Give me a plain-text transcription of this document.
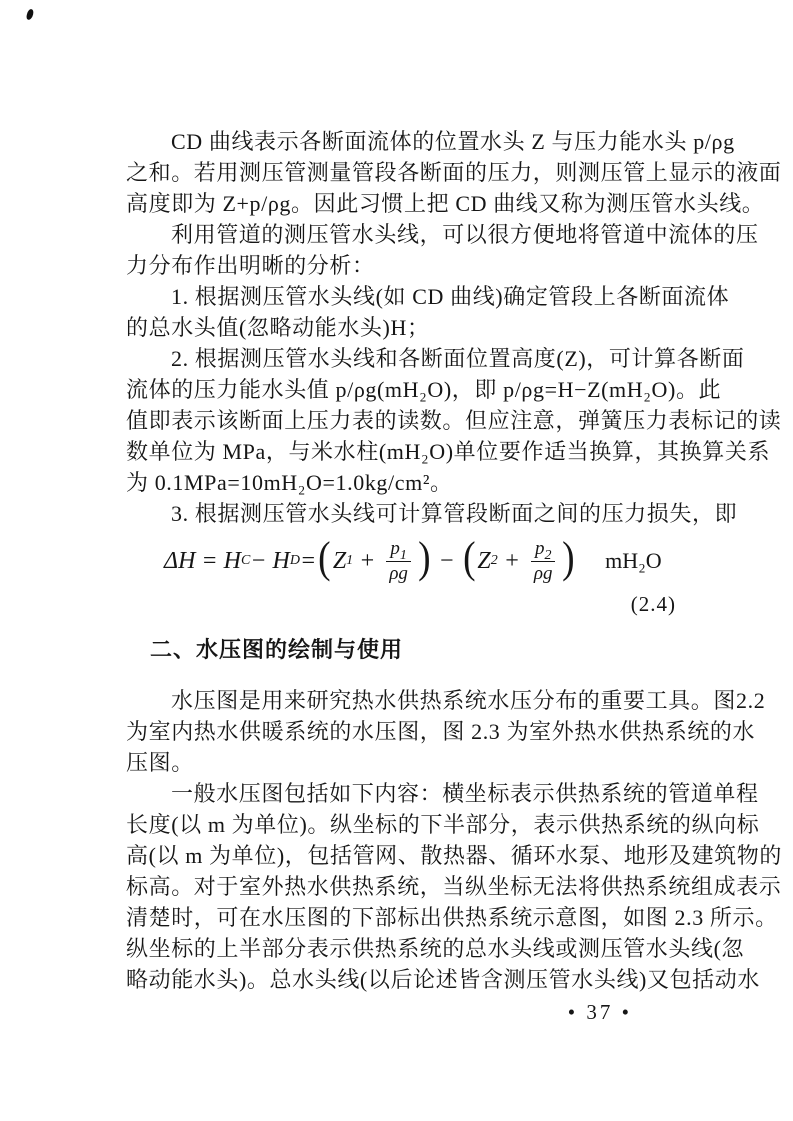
CD 曲线表示各断面流体的位置水头 Z 与压力能水头 p/ρg
之和。若用测压管测量管段各断面的压力，则测压管上显示的液面
高度即为 Z+p/ρg。因此习惯上把 CD 曲线又称为测压管水头线。
利用管道的测压管水头线，可以很方便地将管道中流体的压
力分布作出明晰的分析：
1. 根据测压管水头线(如 CD 曲线)确定管段上各断面流体
的总水头值(忽略动能水头)H；
2. 根据测压管水头线和各断面位置高度(Z)，可计算各断面
流体的压力能水头值 p/ρg(mH₂O)，即 p/ρg=H−Z(mH₂O)。此
值即表示该断面上压力表的读数。但应注意，弹簧压力表标记的读
数单位为 MPa，与米水柱(mH₂O)单位要作适当换算，其换算关系
为 0.1MPa=10mH₂O=1.0kg/cm²。
3. 根据测压管水头线可计算管段断面之间的压力损失，即
ΔH = H C − H D = ( Z $1 + \frac{p_1}{\rho g}$ ) − ( Z $2 + \frac{p_2}{\rho g}$ ) mH₂O
(2.4)
二、水压图的绘制与使用
水压图是用来研究热水供热系统水压分布的重要工具。图2.2
为室内热水供暖系统的水压图，图 2.3 为室外热水供热系统的水
压图。
一般水压图包括如下内容：横坐标表示供热系统的管道单程
长度(以 m 为单位)。纵坐标的下半部分，表示供热系统的纵向标
高(以 m 为单位)，包括管网、散热器、循环水泵、地形及建筑物的
标高。对于室外热水供热系统，当纵坐标无法将供热系统组成表示
清楚时，可在水压图的下部标出供热系统示意图，如图 2.3 所示。
纵坐标的上半部分表示供热系统的总水头线或测压管水头线(忽
略动能水头)。总水头线(以后论述皆含测压管水头线)又包括动水
• 37 •
